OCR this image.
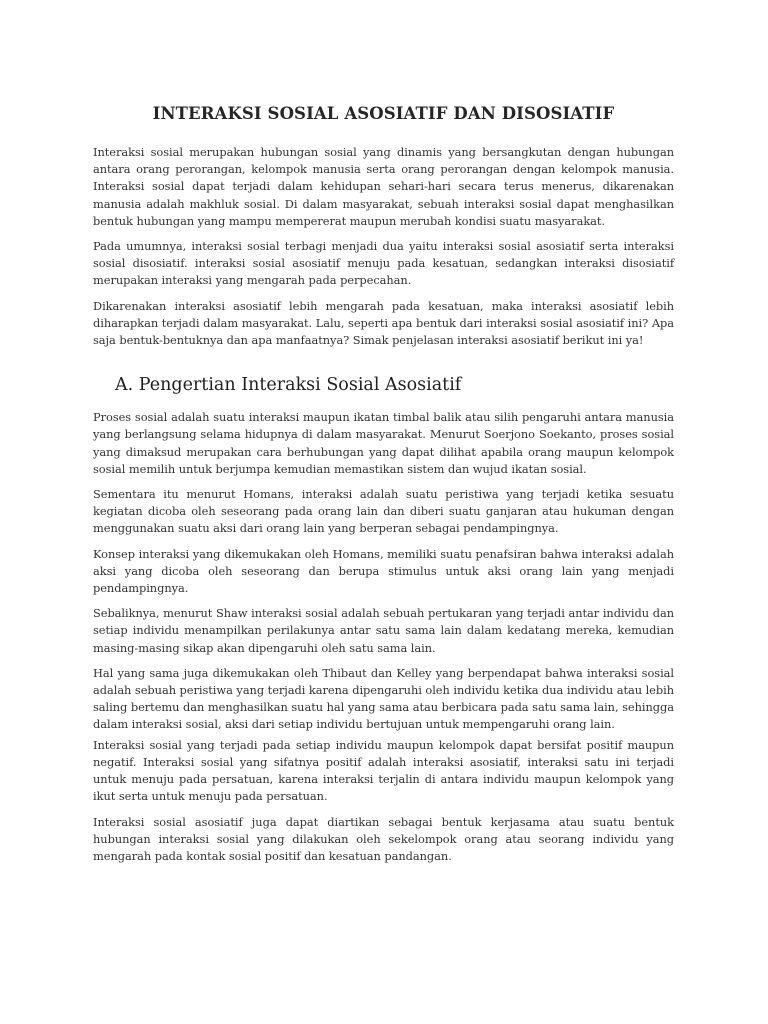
INTERAKSI SOSIAL ASOSIATIF DAN DISOSIATIF

Interaksi sosial merupakan hubungan sosial yang dinamis yang bersangkutan dengan hubungan antara orang perorangan, kelompok manusia serta orang perorangan dengan kelompok manusia. Interaksi sosial dapat terjadi dalam kehidupan sehari-hari secara terus menerus, dikarenakan manusia adalah makhluk sosial. Di dalam masyarakat, sebuah interaksi sosial dapat menghasilkan bentuk hubungan yang mampu mempererat maupun merubah kondisi suatu masyarakat.

Pada umumnya, interaksi sosial terbagi menjadi dua yaitu interaksi sosial asosiatif serta interaksi sosial disosiatif. interaksi sosial asosiatif menuju pada kesatuan, sedangkan interaksi disosiatif merupakan interaksi yang mengarah pada perpecahan.

Dikarenakan interaksi asosiatif lebih mengarah pada kesatuan, maka interaksi asosiatif lebih diharapkan terjadi dalam masyarakat. Lalu, seperti apa bentuk dari interaksi sosial asosiatif ini? Apa saja bentuk-bentuknya dan apa manfaatnya? Simak penjelasan interaksi asosiatif berikut ini ya!

A. Pengertian Interaksi Sosial Asosiatif

Proses sosial adalah suatu interaksi maupun ikatan timbal balik atau silih pengaruhi antara manusia yang berlangsung selama hidupnya di dalam masyarakat. Menurut Soerjono Soekanto, proses sosial yang dimaksud merupakan cara berhubungan yang dapat dilihat apabila orang maupun kelompok sosial memilih untuk berjumpa kemudian memastikan sistem dan wujud ikatan sosial.

Sementara itu menurut Homans, interaksi adalah suatu peristiwa yang terjadi ketika sesuatu kegiatan dicoba oleh seseorang pada orang lain dan diberi suatu ganjaran atau hukuman dengan menggunakan suatu aksi dari orang lain yang berperan sebagai pendampingnya.

Konsep interaksi yang dikemukakan oleh Homans, memiliki suatu penafsiran bahwa interaksi adalah aksi yang dicoba oleh seseorang dan berupa stimulus untuk aksi orang lain yang menjadi pendampingnya.

Sebaliknya, menurut Shaw interaksi sosial adalah sebuah pertukaran yang terjadi antar individu dan setiap individu menampilkan perilakunya antar satu sama lain dalam kedatang mereka, kemudian masing-masing sikap akan dipengaruhi oleh satu sama lain.

Hal yang sama juga dikemukakan oleh Thibaut dan Kelley yang berpendapat bahwa interaksi sosial adalah sebuah peristiwa yang terjadi karena dipengaruhi oleh individu ketika dua individu atau lebih saling bertemu dan menghasilkan suatu hal yang sama atau berbicara pada satu sama lain, sehingga dalam interaksi sosial, aksi dari setiap individu bertujuan untuk mempengaruhi orang lain.

Interaksi sosial yang terjadi pada setiap individu maupun kelompok dapat bersifat positif maupun negatif. Interaksi sosial yang sifatnya positif adalah interaksi asosiatif, interaksi satu ini terjadi untuk menuju pada persatuan, karena interaksi terjalin di antara individu maupun kelompok yang ikut serta untuk menuju pada persatuan.

Interaksi sosial asosiatif juga dapat diartikan sebagai bentuk kerjasama atau suatu bentuk hubungan interaksi sosial yang dilakukan oleh sekelompok orang atau seorang individu yang mengarah pada kontak sosial positif dan kesatuan pandangan.
